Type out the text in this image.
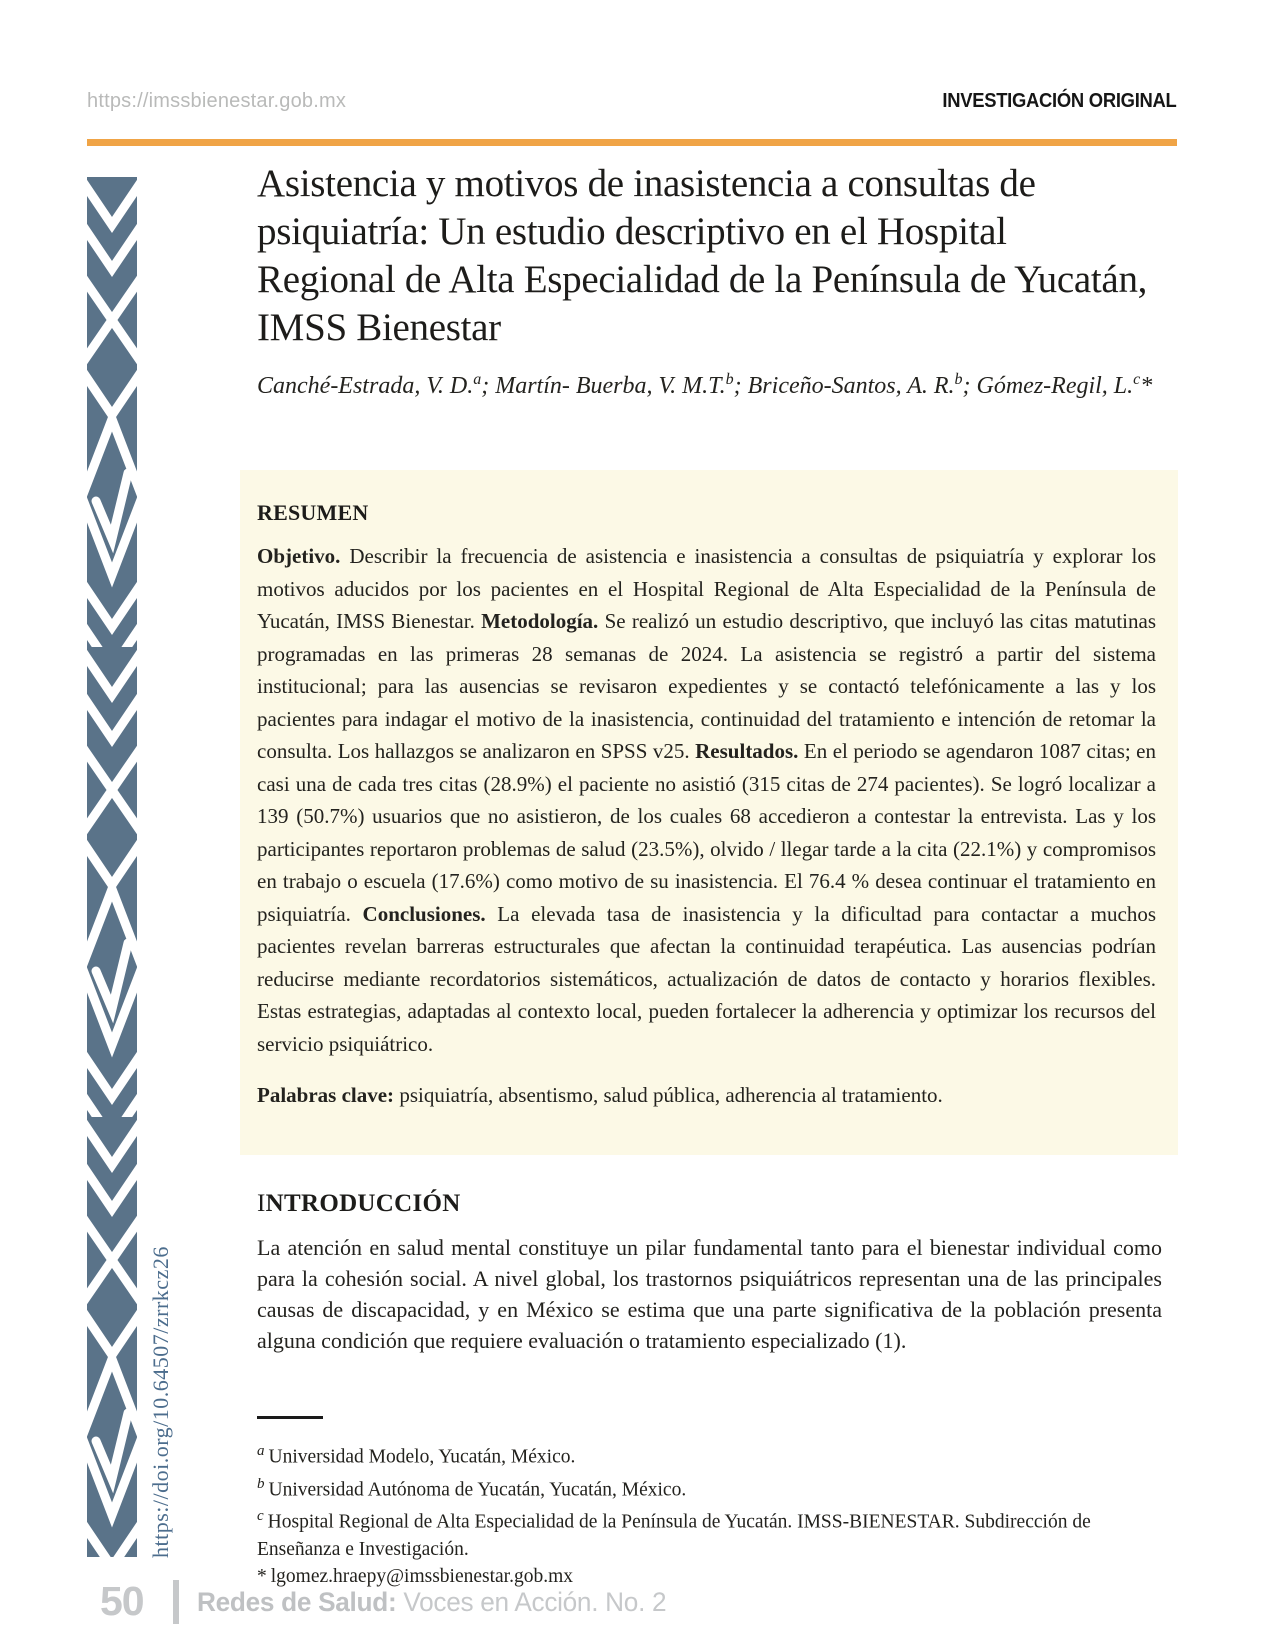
https://imssbienestar.gob.mx	INVESTIGACIÓN ORIGINAL
https://doi.org/10.64507/zrrkcz26
Asistencia y motivos de inasistencia a consultas de psiquiatría: Un estudio descriptivo en el Hospital Regional de Alta Especialidad de la Península de Yucatán, IMSS Bienestar
Canché-Estrada, V. D.$^a$; Martín- Buerba, V. M.T.$^b$; Briceño-Santos, A. R.$^b$; Gómez-Regil, L.$^c$*
RESUMEN

Objetivo. Describir la frecuencia de asistencia e inasistencia a consultas de psiquiatría y explorar los motivos aducidos por los pacientes en el Hospital Regional de Alta Especialidad de la Península de Yucatán, IMSS Bienestar. Metodología. Se realizó un estudio descriptivo, que incluyó las citas matutinas programadas en las primeras 28 semanas de 2024. La asistencia se registró a partir del sistema institucional; para las ausencias se revisaron expedientes y se contactó telefónicamente a las y los pacientes para indagar el motivo de la inasistencia, continuidad del tratamiento e intención de retomar la consulta. Los hallazgos se analizaron en SPSS v25. Resultados. En el periodo se agendaron 1087 citas; en casi una de cada tres citas (28.9%) el paciente no asistió (315 citas de 274 pacientes). Se logró localizar a 139 (50.7%) usuarios que no asistieron, de los cuales 68 accedieron a contestar la entrevista. Las y los participantes reportaron problemas de salud (23.5%), olvido / llegar tarde a la cita (22.1%) y compromisos en trabajo o escuela (17.6%) como motivo de su inasistencia. El 76.4 % desea continuar el tratamiento en psiquiatría. Conclusiones. La elevada tasa de inasistencia y la dificultad para contactar a muchos pacientes revelan barreras estructurales que afectan la continuidad terapéutica. Las ausencias podrían reducirse mediante recordatorios sistemáticos, actualización de datos de contacto y horarios flexibles. Estas estrategias, adaptadas al contexto local, pueden fortalecer la adherencia y optimizar los recursos del servicio psiquiátrico.

Palabras clave: psiquiatría, absentismo, salud pública, adherencia al tratamiento.

INTRODUCCIÓN

La atención en salud mental constituye un pilar fundamental tanto para el bienestar individual como para la cohesión social. A nivel global, los trastornos psiquiátricos representan una de las principales causas de discapacidad, y en México se estima que una parte significativa de la población presenta alguna condición que requiere evaluación o tratamiento especializado (1).

$^a$ Universidad Modelo, Yucatán, México.

$^b$ Universidad Autónoma de Yucatán, Yucatán, México.

$^c$ Hospital Regional de Alta Especialidad de la Península de Yucatán. IMSS-BIENESTAR. Subdirección de Enseñanza e Investigación.

* lgomez.hraepy@imssbienestar.gob.mx

50 Redes de Salud: Voces en Acción. No. 2
